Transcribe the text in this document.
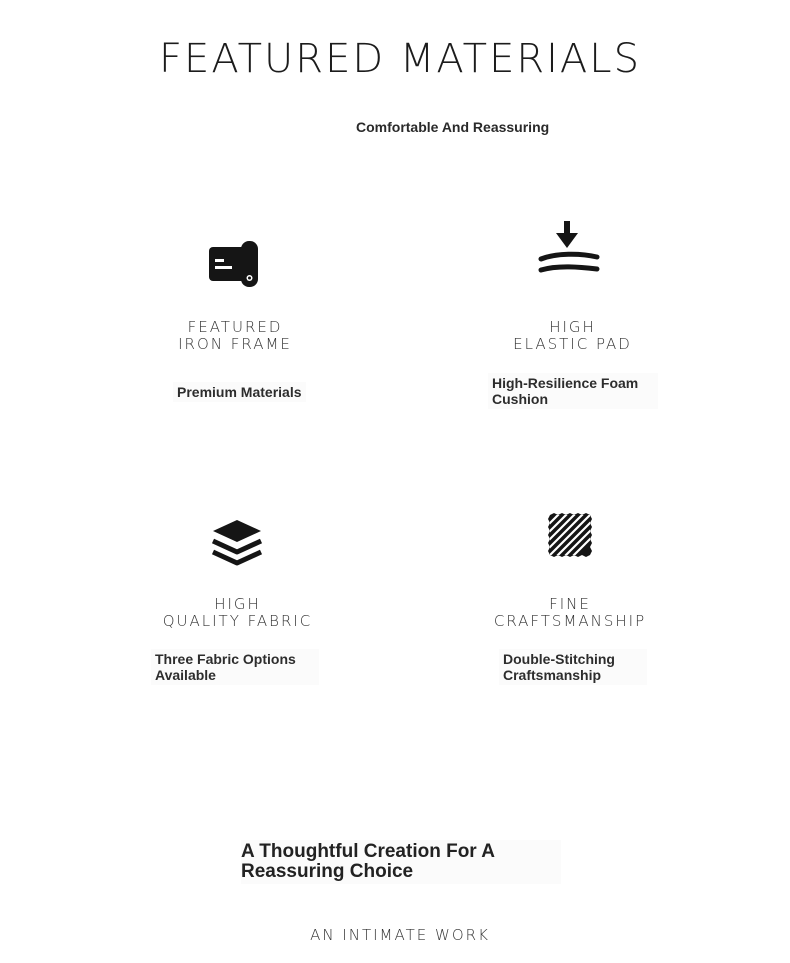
FEATURED MATERIALS
Comfortable And Reassuring
FEATURED
IRON FRAME
Premium Materials
HIGH
ELASTIC PAD
High-Resilience Foam Cushion
HIGH
QUALITY FABRIC
Three Fabric Options Available
FINE
CRAFTSMANSHIP
Double-Stitching Craftsmanship
A Thoughtful Creation For A Reassuring Choice
AN INTIMATE WORK
